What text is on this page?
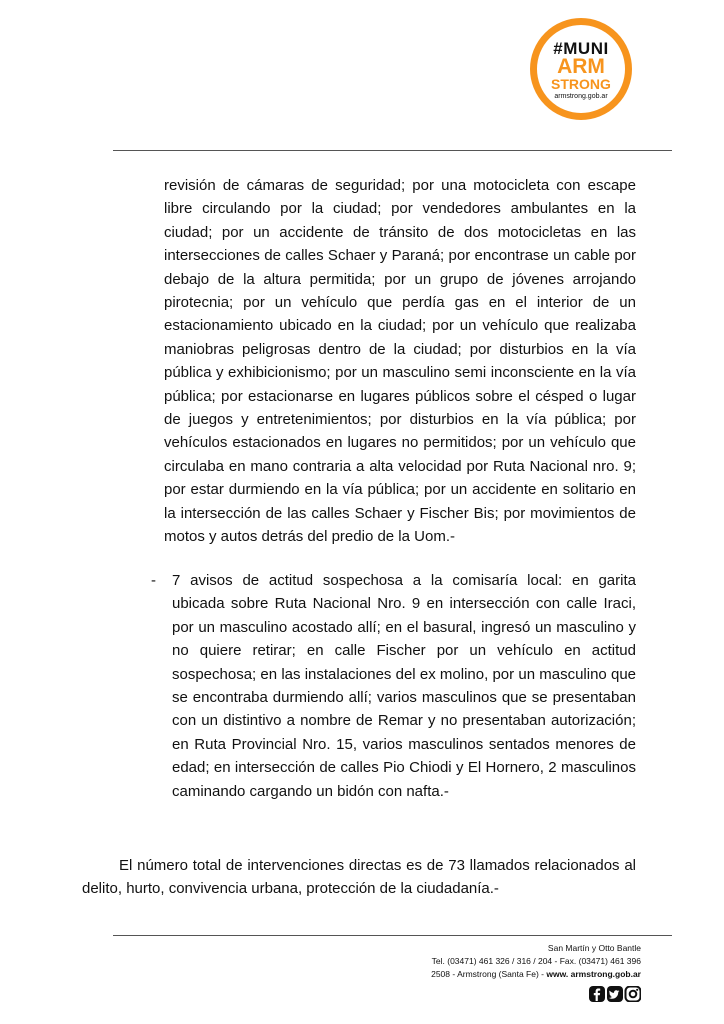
#MUNI
ARM
STRONG
armstrong.gob.ar

revisión de cámaras de seguridad; por una motocicleta con escape libre circulando por la ciudad; por vendedores ambulantes en la ciudad; por un accidente de tránsito de dos motocicletas en las intersecciones de calles Schaer y Paraná; por encontrase un cable por debajo de la altura permitida; por un grupo de jóvenes arrojando pirotecnia; por un vehículo que perdía gas en el interior de un estacionamiento ubicado en la ciudad; por un vehículo que realizaba maniobras peligrosas dentro de la ciudad; por disturbios en la vía pública y exhibicionismo; por un masculino semi inconsciente en la vía pública; por estacionarse en lugares públicos sobre el césped o lugar de juegos y entretenimientos; por disturbios en la vía pública; por vehículos estacionados en lugares no permitidos; por un vehículo que circulaba en mano contraria a alta velocidad por Ruta Nacional nro. 9; por estar durmiendo en la vía pública; por un accidente en solitario en la intersección de las calles Schaer y Fischer Bis; por movimientos de motos y autos detrás del predio de la Uom.-

- 7 avisos de actitud sospechosa a la comisaría local: en garita ubicada sobre Ruta Nacional Nro. 9 en intersección con calle Iraci, por un masculino acostado allí; en el basural, ingresó un masculino y no quiere retirar; en calle Fischer por un vehículo en actitud sospechosa; en las instalaciones del ex molino, por un masculino que se encontraba durmiendo allí; varios masculinos que se presentaban con un distintivo a nombre de Remar y no presentaban autorización; en Ruta Provincial Nro. 15, varios masculinos sentados menores de edad; en intersección de calles Pio Chiodi y El Hornero, 2 masculinos caminando cargando un bidón con nafta.-

El número total de intervenciones directas es de 73 llamados relacionados al delito, hurto, convivencia urbana, protección de la ciudadanía.-

San Martín y Otto Bantle
Tel. (03471) 461 326 / 316 / 204 - Fax. (03471) 461 396
2508 - Armstrong (Santa Fe) - www. armstrong.gob.ar
